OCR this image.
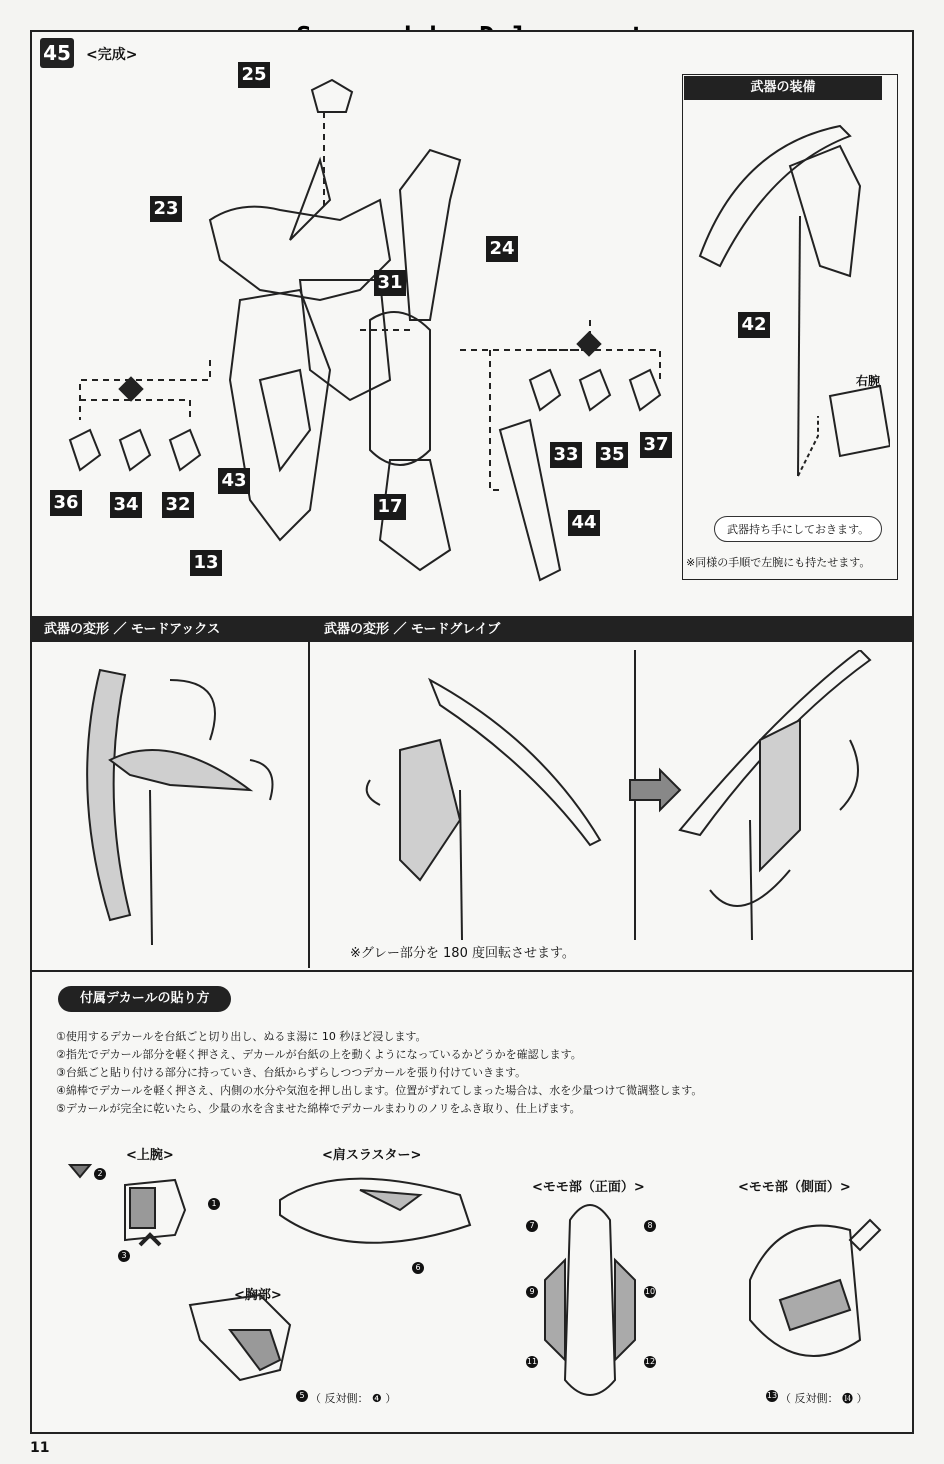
45 <完成>
25
23
31
24
36 34 32
33 35 37
43
17
13
44
武器の装備
42
右腕
武器持ち手にしておきます。
※同様の手順で左腕にも持たせます。
武器の変形 ／ モードアックス	武器の変形 ／ モードグレイブ
※グレー部分を 180 度回転させます。
付属デカールの貼り方
①使用するデカールを台紙ごと切り出し、ぬるま湯に 10 秒ほど浸します。
②指先でデカール部分を軽く押さえ、デカールが台紙の上を動くようになっているかどうかを確認します。
③台紙ごと貼り付ける部分に持っていき、台紙からずらしつつデカールを張り付けていきます。
④綿棒でデカールを軽く押さえ、内側の水分や気泡を押し出します。位置がずれてしまった場合は、水を少量つけて微調整します。
⑤デカールが完全に乾いたら、少量の水を含ませた綿棒でデカールまわりのノリをふき取り、仕上げます。
<上腕>	<肩スラスター>
<胸部>
<モモ部（正面）>	<モモ部（側面）>
2
1
3
6
5
7	8
9	10
11	12
13
（ 反対側： ❹ ）	（ 反対側： ⓮ ）
11
